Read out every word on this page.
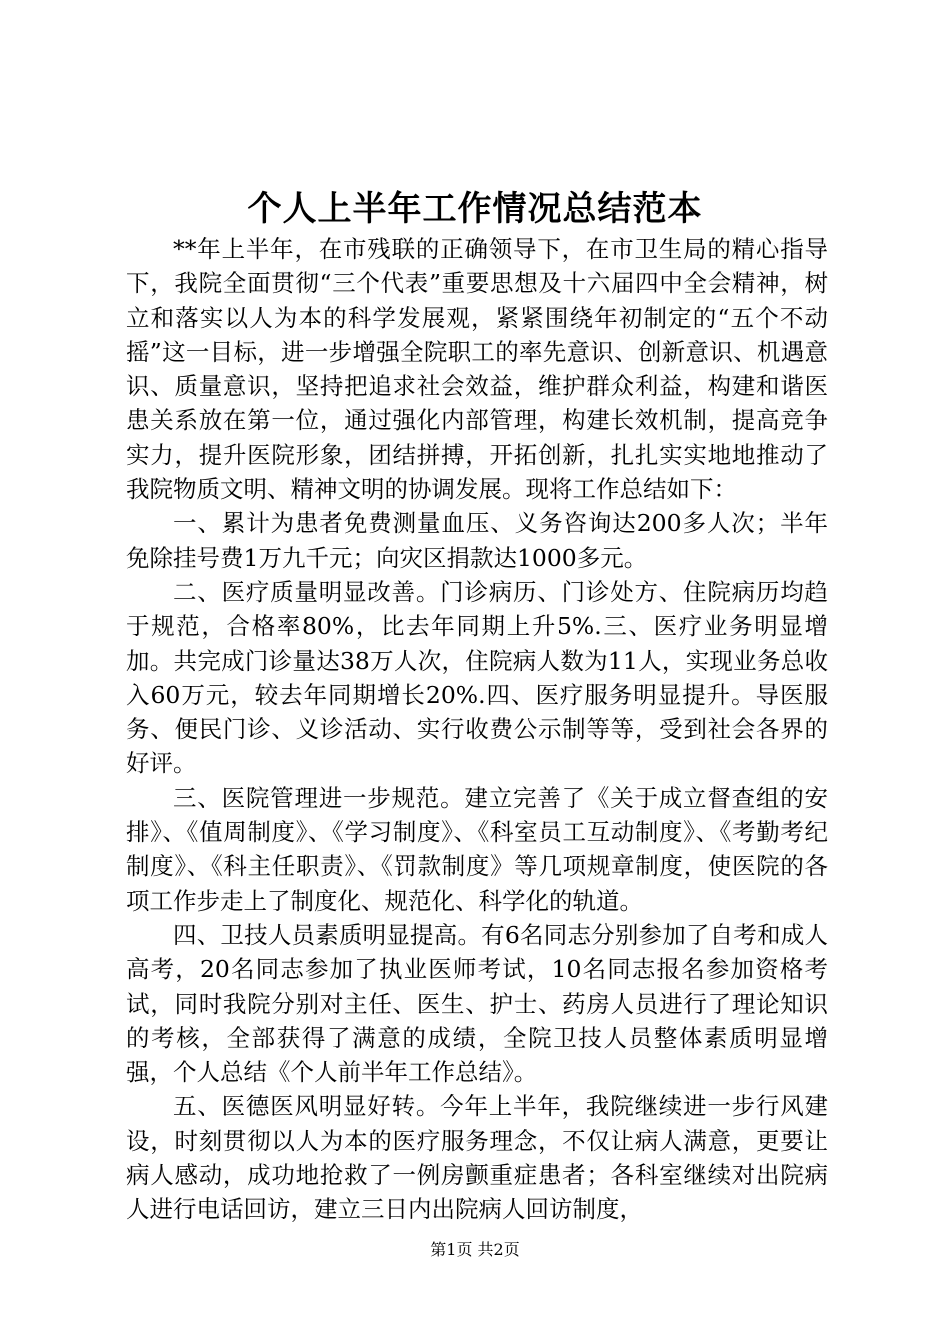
个人上半年工作情况总结范本

**年上半年，在市残联的正确领导下，在市卫生局的精心指导下，我院全面贯彻“三个代表”重要思想及十六届四中全会精神，树立和落实以人为本的科学发展观，紧紧围绕年初制定的“五个不动摇”这一目标，进一步增强全院职工的率先意识、创新意识、机遇意识、质量意识，坚持把追求社会效益，维护群众利益，构建和谐医患关系放在第一位，通过强化内部管理，构建长效机制，提高竞争实力，提升医院形象，团结拼搏，开拓创新，扎扎实实地地推动了我院物质文明、精神文明的协调发展。现将工作总结如下：

一、累计为患者免费测量血压、义务咨询达200多人次；半年免除挂号费1万九千元；向灾区捐款达1000多元。

二、医疗质量明显改善。门诊病历、门诊处方、住院病历均趋于规范，合格率80%，比去年同期上升5%.三、医疗业务明显增加。共完成门诊量达38万人次，住院病人数为11人，实现业务总收入60万元，较去年同期增长20%.四、医疗服务明显提升。导医服务、便民门诊、义诊活动、实行收费公示制等等，受到社会各界的好评。

三、医院管理进一步规范。建立完善了《关于成立督查组的安排》、《值周制度》、《学习制度》、《科室员工互动制度》、《考勤考纪制度》、《科主任职责》、《罚款制度》等几项规章制度，使医院的各项工作步走上了制度化、规范化、科学化的轨道。

四、卫技人员素质明显提高。有6名同志分别参加了自考和成人高考，20名同志参加了执业医师考试，10名同志报名参加资格考试，同时我院分别对主任、医生、护士、药房人员进行了理论知识的考核，全部获得了满意的成绩，全院卫技人员整体素质明显增强，个人总结《个人前半年工作总结》。

五、医德医风明显好转。今年上半年，我院继续进一步行风建设，时刻贯彻以人为本的医疗服务理念，不仅让病人满意，更要让病人感动，成功地抢救了一例房颤重症患者；各科室继续对出院病人进行电话回访，建立三日内出院病人回访制度，

第1页 共2页
